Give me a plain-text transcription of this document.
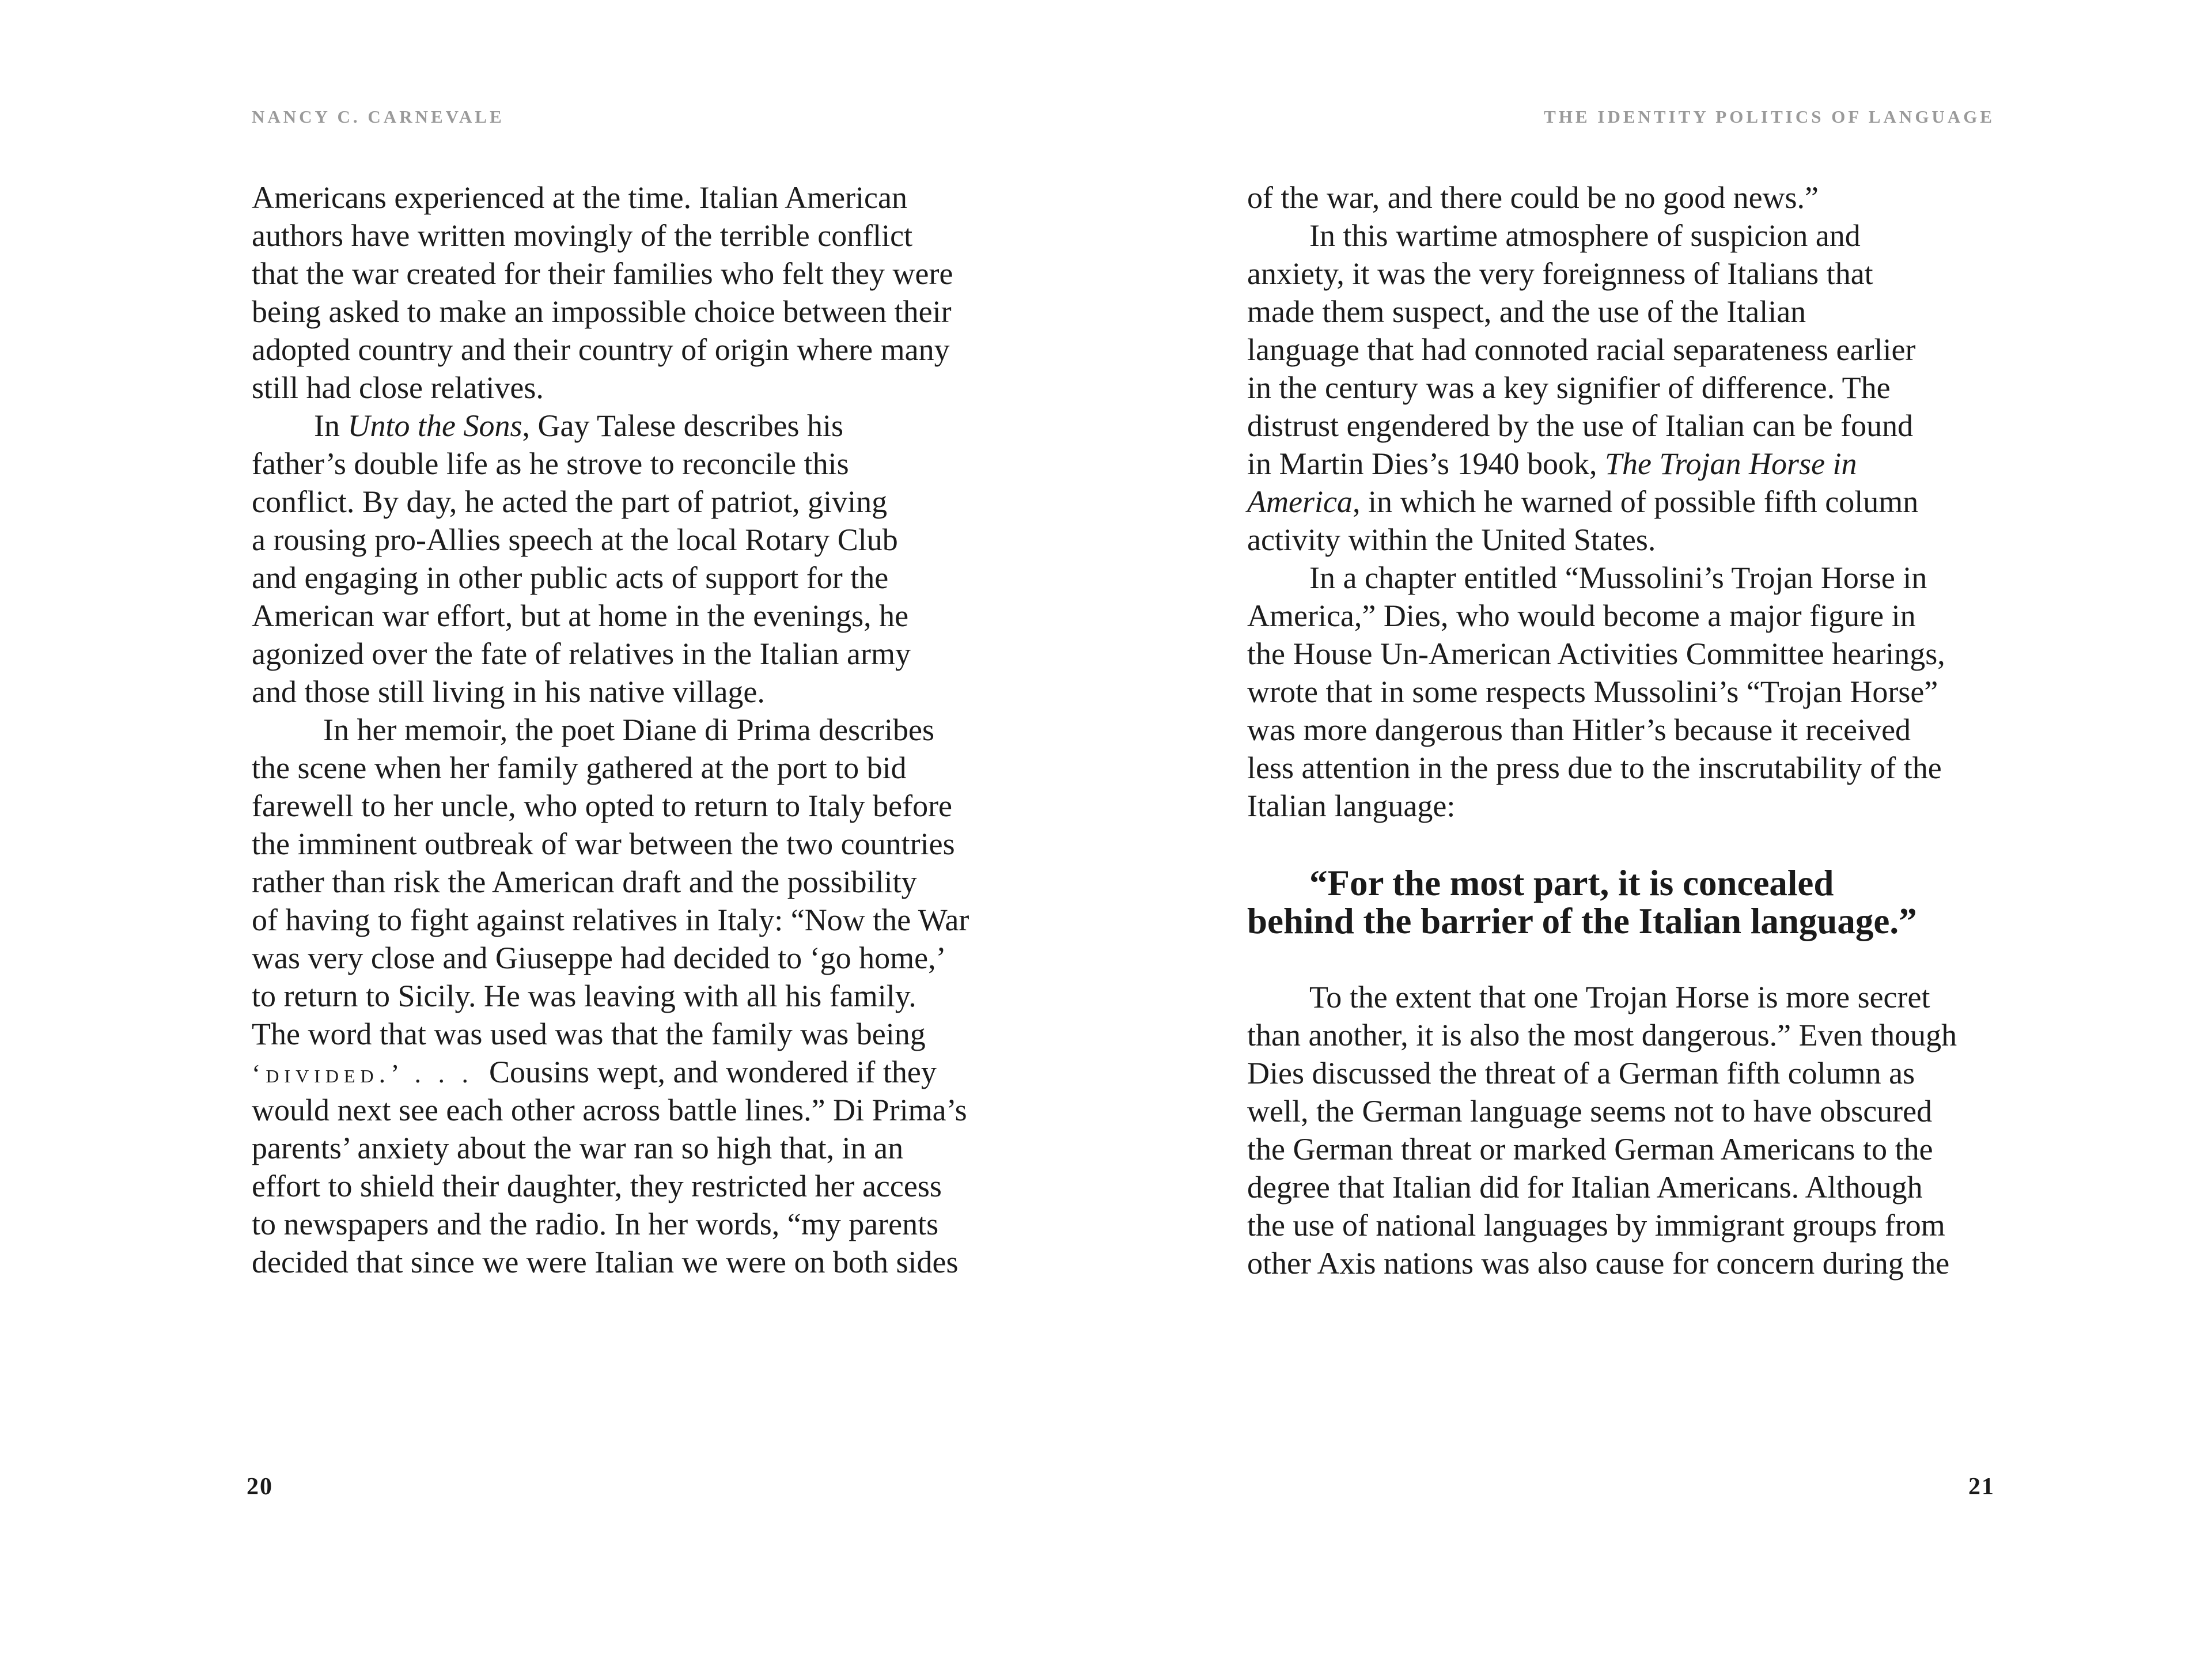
NANCY C. CARNEVALE
Americans experienced at the time. Italian American
authors have written movingly of the terrible conflict
that the war created for their families who felt they were
being asked to make an impossible choice between their
adopted country and their country of origin where many
still had close relatives.
In Unto the Sons, Gay Talese describes his
father’s double life as he strove to reconcile this
conflict. By day, he acted the part of patriot, giving
a rousing pro-Allies speech at the local Rotary Club
and engaging in other public acts of support for the
American war effort, but at home in the evenings, he
agonized over the fate of relatives in the Italian army
and those still living in his native village.
In her memoir, the poet Diane di Prima describes
the scene when her family gathered at the port to bid
farewell to her uncle, who opted to return to Italy before
the imminent outbreak of war between the two countries
rather than risk the American draft and the possibility
of having to fight against relatives in Italy: “Now the War
was very close and Giuseppe had decided to ‘go home,’
to return to Sicily. He was leaving with all his family.
The word that was used was that the family was being
‘divided.’ . . .  Cousins wept, and wondered if they
would next see each other across battle lines.” Di Prima’s
parents’ anxiety about the war ran so high that, in an
effort to shield their daughter, they restricted her access
to newspapers and the radio. In her words, “my parents
decided that since we were Italian we were on both sides
20
THE IDENTITY POLITICS OF LANGUAGE
of the war, and there could be no good news.”
In this wartime atmosphere of suspicion and
anxiety, it was the very foreignness of Italians that
made them suspect, and the use of the Italian
language that had connoted racial separateness earlier
in the century was a key signifier of difference. The
distrust engendered by the use of Italian can be found
in Martin Dies’s 1940 book, The Trojan Horse in
America, in which he warned of possible fifth column
activity within the United States.
In a chapter entitled “Mussolini’s Trojan Horse in
America,” Dies, who would become a major figure in
the House Un-American Activities Committee hearings,
wrote that in some respects Mussolini’s “Trojan Horse”
was more dangerous than Hitler’s because it received
less attention in the press due to the inscrutability of the
Italian language:
“For the most part, it is concealed
behind the barrier of the Italian language.”
To the extent that one Trojan Horse is more secret
than another, it is also the most dangerous.” Even though
Dies discussed the threat of a German fifth column as
well, the German language seems not to have obscured
the German threat or marked German Americans to the
degree that Italian did for Italian Americans. Although
the use of national languages by immigrant groups from
other Axis nations was also cause for concern during the
21
